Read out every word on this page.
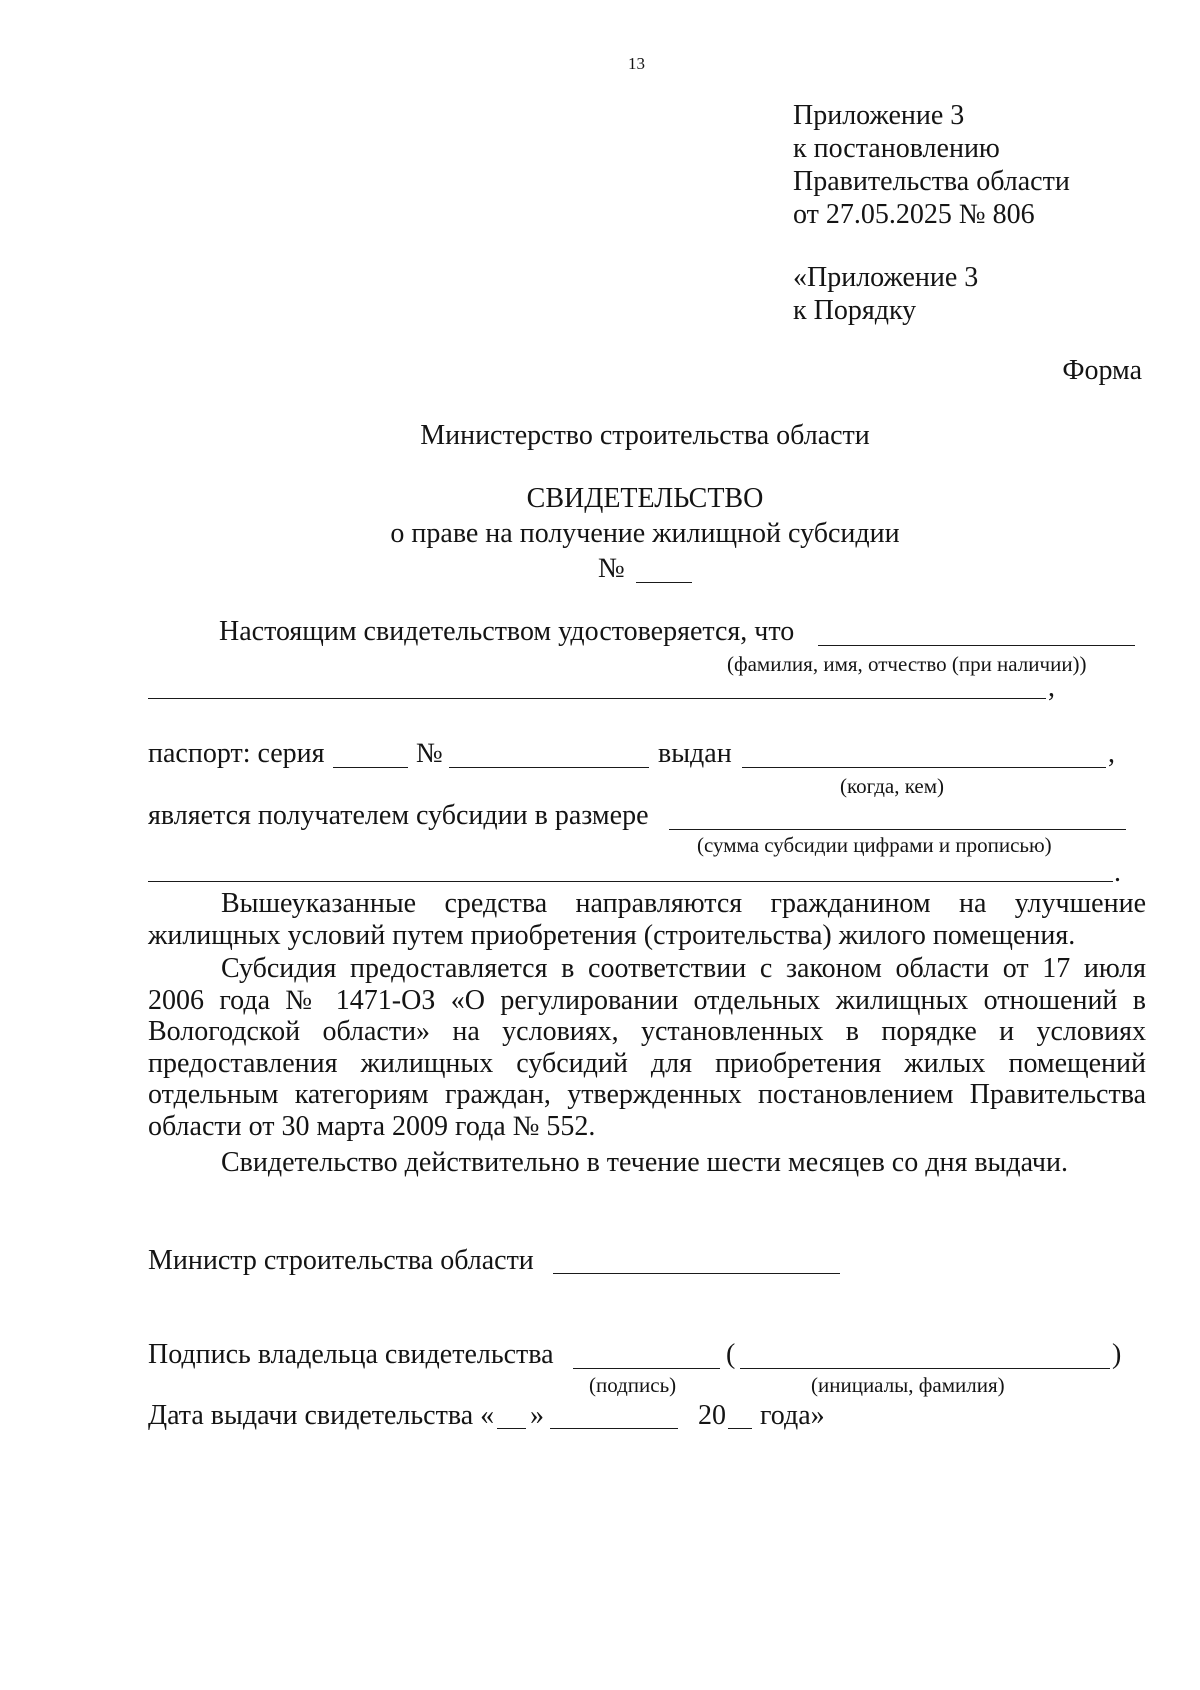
13
Приложение 3
к постановлению
Правительства области
от 27.05.2025 № 806
«Приложение 3
к Порядку
Форма
Министерство строительства области
СВИДЕТЕЛЬСТВО
о праве на получение жилищной субсидии
№
Настоящим свидетельством удостоверяется, что
(фамилия, имя, отчество (при наличии))
,
паспорт: серия	№	выдан	,
(когда, кем)
является получателем субсидии в размере
(сумма субсидии цифрами и прописью)
.
Вышеуказанные средства направляются гражданином на улучшение жилищных условий путем приобретения (строительства) жилого помещения.
Субсидия предоставляется в соответствии с законом области от 17 июля 2006 года № 1471-ОЗ «О регулировании отдельных жилищных отношений в Вологодской области» на условиях, установленных в порядке и условиях предоставления жилищных субсидий для приобретения жилых помещений отдельным категориям граждан, утвержденных постановлением Правительства области от 30 марта 2009 года № 552.
Свидетельство действительно в течение шести месяцев со дня выдачи.
Министр строительства области
Подпись владельца свидетельства	(	)
(подпись)	(инициалы, фамилия)
Дата выдачи свидетельства « »	20 года»
